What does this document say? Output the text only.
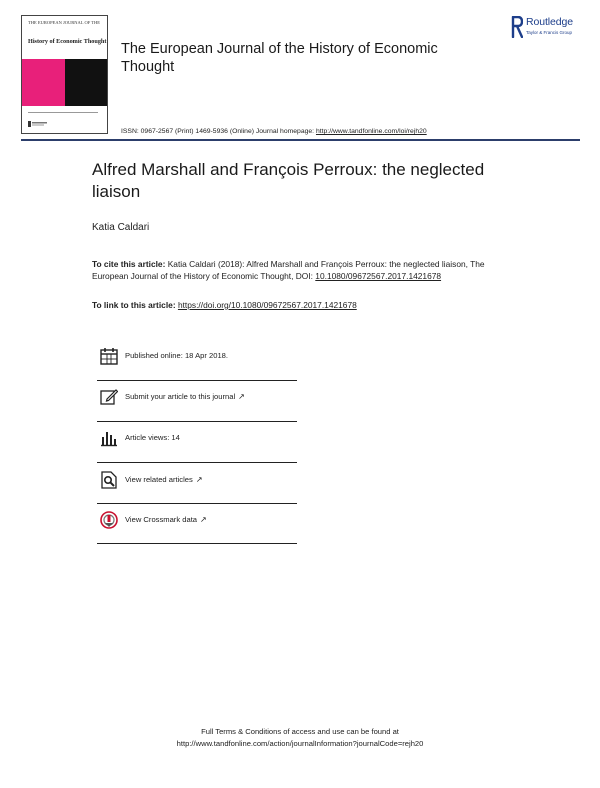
THE EUROPEAN JOURNAL OF THE
History of Economic Thought The European Journal of the History of Economic Thought
Routledge
Taylor & Francis Group
ISSN: 0967-2567 (Print) 1469-5936 (Online) Journal homepage: http://www.tandfonline.com/loi/rejh20
Alfred Marshall and François Perroux: the neglected liaison
Katia Caldari
To cite this article: Katia Caldari (2018): Alfred Marshall and François Perroux: the neglected liaison, The European Journal of the History of Economic Thought, DOI: 10.1080/09672567.2017.1421678
To link to this article: https://doi.org/10.1080/09672567.2017.1421678
Published online: 18 Apr 2018.
Submit your article to this journal ↗
Article views: 14
View related articles ↗
View Crossmark data ↗
Full Terms & Conditions of access and use can be found at
http://www.tandfonline.com/action/journalInformation?journalCode=rejh20
